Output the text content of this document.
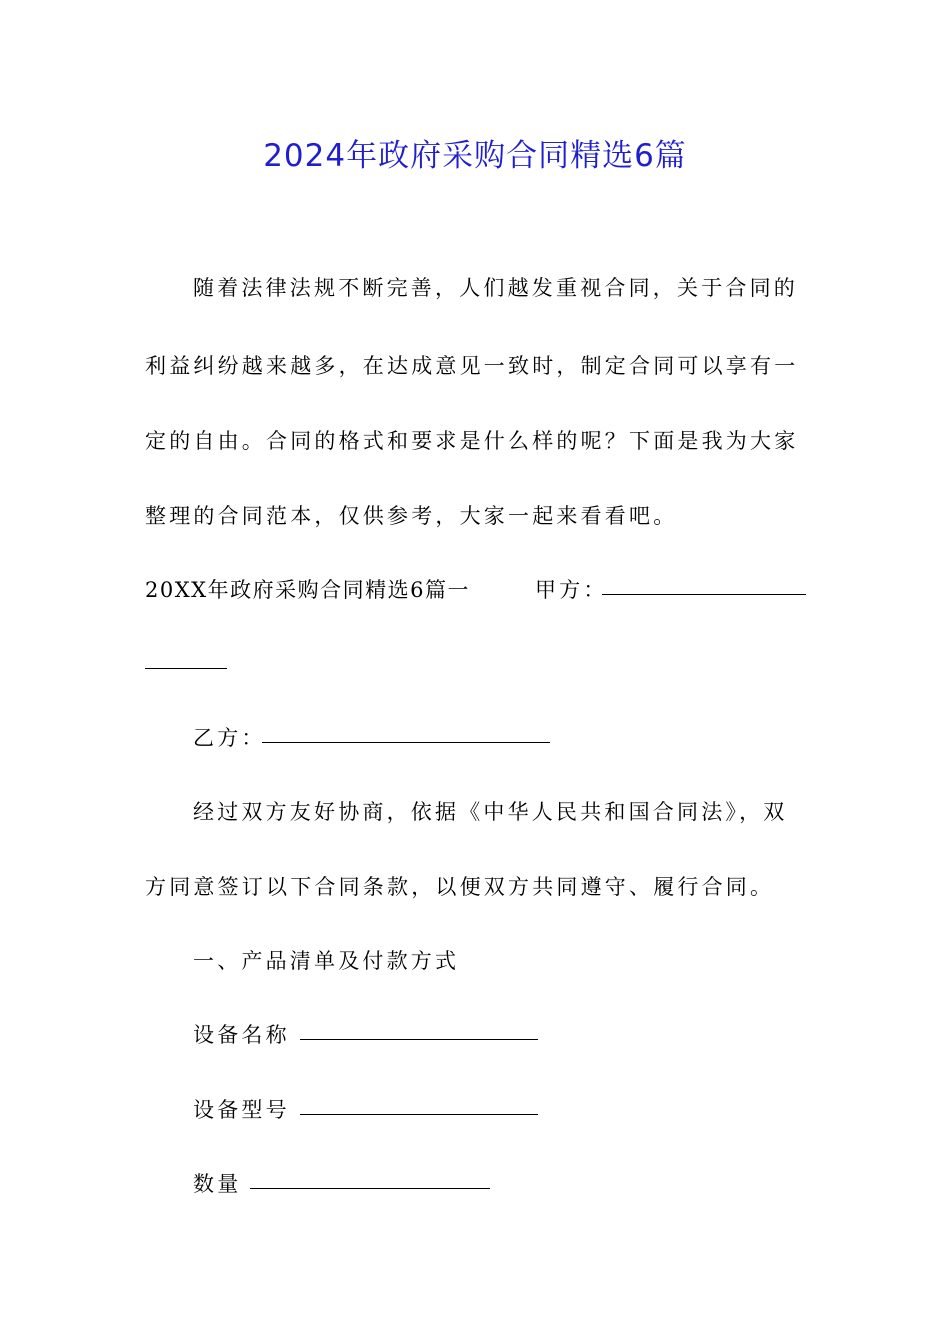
2024年政府采购合同精选6篇
随着法律法规不断完善，人们越发重视合同，关于合同的
利益纠纷越来越多，在达成意见一致时，制定合同可以享有一
定的自由。合同的格式和要求是什么样的呢？下面是我为大家
整理的合同范本，仅供参考，大家一起来看看吧。
20XX年政府采购合同精选6篇一	甲方：
乙方：
经过双方友好协商，依据《中华人民共和国合同法》，双
方同意签订以下合同条款，以便双方共同遵守、履行合同。
一、产品清单及付款方式
设备名称
设备型号
数量
